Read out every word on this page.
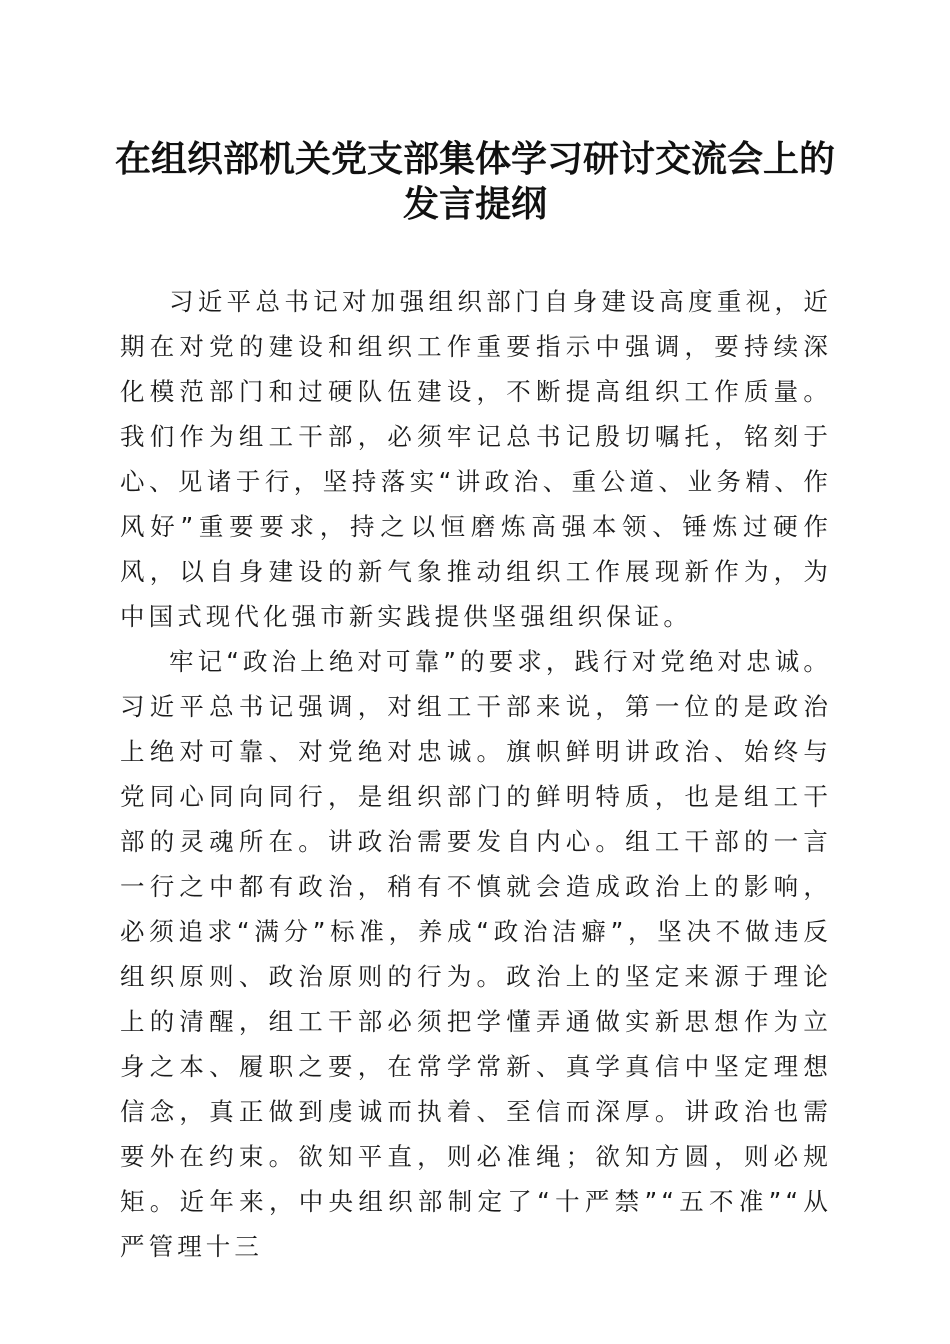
在组织部机关党支部集体学习研讨交流会上的
发言提纲

习近平总书记对加强组织部门自身建设高度重视，近期在对党的建设和组织工作重要指示中强调，要持续深化模范部门和过硬队伍建设，不断提高组织工作质量。我们作为组工干部，必须牢记总书记殷切嘱托，铭刻于心、见诸于行，坚持落实“讲政治、重公道、业务精、作风好”重要要求，持之以恒磨炼高强本领、锤炼过硬作风，以自身建设的新气象推动组织工作展现新作为，为中国式现代化强市新实践提供坚强组织保证。

牢记“政治上绝对可靠”的要求，践行对党绝对忠诚。习近平总书记强调，对组工干部来说，第一位的是政治上绝对可靠、对党绝对忠诚。旗帜鲜明讲政治、始终与党同心同向同行，是组织部门的鲜明特质，也是组工干部的灵魂所在。讲政治需要发自内心。组工干部的一言一行之中都有政治，稍有不慎就会造成政治上的影响，必须追求“满分”标准，养成“政治洁癖”，坚决不做违反组织原则、政治原则的行为。政治上的坚定来源于理论上的清醒，组工干部必须把学懂弄通做实新思想作为立身之本、履职之要，在常学常新、真学真信中坚定理想信念，真正做到虔诚而执着、至信而深厚。讲政治也需要外在约束。欲知平直，则必准绳；欲知方圆，则必规矩。近年来，中央组织部制定了“十严禁”“五不准”“从严管理十三
